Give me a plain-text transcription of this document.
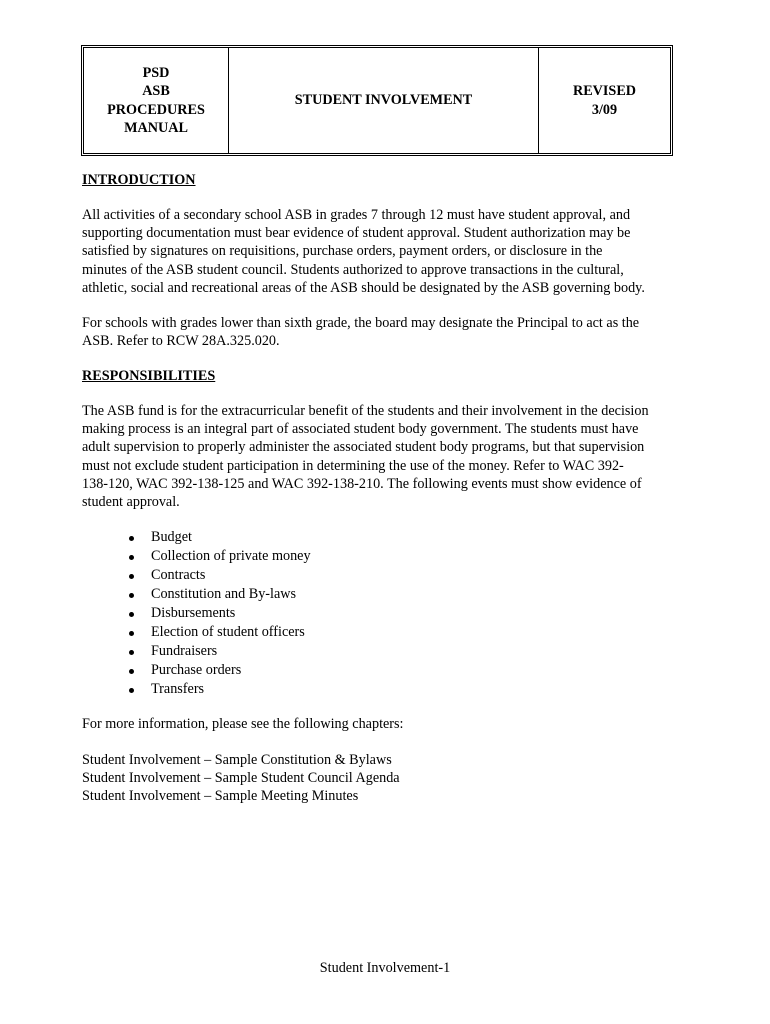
PSD
ASB
PROCEDURES
MANUAL
STUDENT INVOLVEMENT
REVISED
3/09
INTRODUCTION
All activities of a secondary school ASB in grades 7 through 12 must have student approval, and
supporting documentation must bear evidence of student approval. Student authorization may be
satisfied by signatures on requisitions, purchase orders, payment orders, or disclosure in the
minutes of the ASB student council. Students authorized to approve transactions in the cultural,
athletic, social and recreational areas of the ASB should be designated by the ASB governing body.
For schools with grades lower than sixth grade, the board may designate the Principal to act as the
ASB. Refer to RCW 28A.325.020.
RESPONSIBILITIES
The ASB fund is for the extracurricular benefit of the students and their involvement in the decision
making process is an integral part of associated student body government. The students must have
adult supervision to properly administer the associated student body programs, but that supervision
must not exclude student participation in determining the use of the money. Refer to WAC 392-
138-120, WAC 392-138-125 and WAC 392-138-210. The following events must show evidence of
student approval.
Budget
Collection of private money
Contracts
Constitution and By-laws
Disbursements
Election of student officers
Fundraisers
Purchase orders
Transfers
For more information, please see the following chapters:
Student Involvement – Sample Constitution & Bylaws
Student Involvement – Sample Student Council Agenda
Student Involvement – Sample Meeting Minutes
Student Involvement-1
